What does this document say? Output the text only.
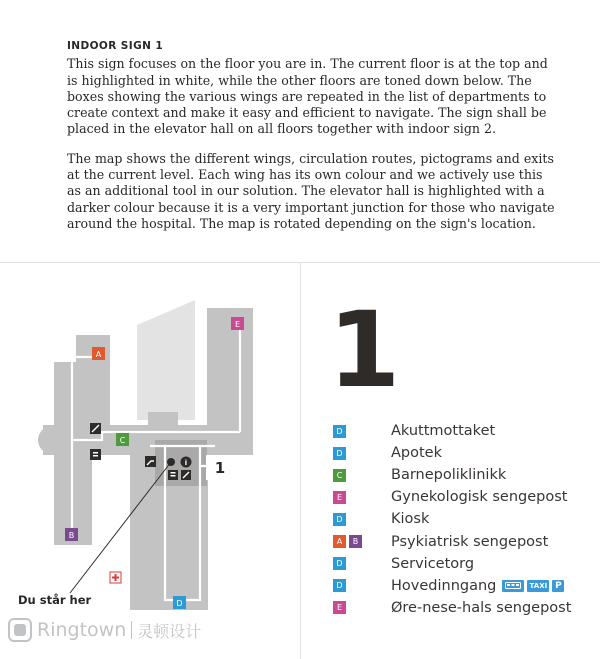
INDOOR SIGN 1

This sign focuses on the floor you are in. The current floor is at the top and is highlighted in white, while the other floors are toned down below. The boxes showing the various wings are repeated in the list of departments to create context and make it easy and efficient to navigate. The sign shall be placed in the elevator hall on all floors together with indoor sign 2.

The map shows the different wings, circulation routes, pictograms and exits at the current level. Each wing has its own colour and we actively use this as an additional tool in our solution. The elevator hall is highlighted with a darker colour because it is a very important junction for those who navigate around the hospital. The map is rotated depending on the sign's location.

A
E
C
B
D
i 1
Du står her
1
D	Akuttmottaket
D	Apotek
C	Barnepoliklinikk
E	Gynekologisk sengepost
D	Kiosk
A	B Psykiatrisk sengepost
D	Servicetorg
D	Hovedinngang	TAXI P
E	Øre-nese-hals sengepost
Ringtown 灵顿设计
